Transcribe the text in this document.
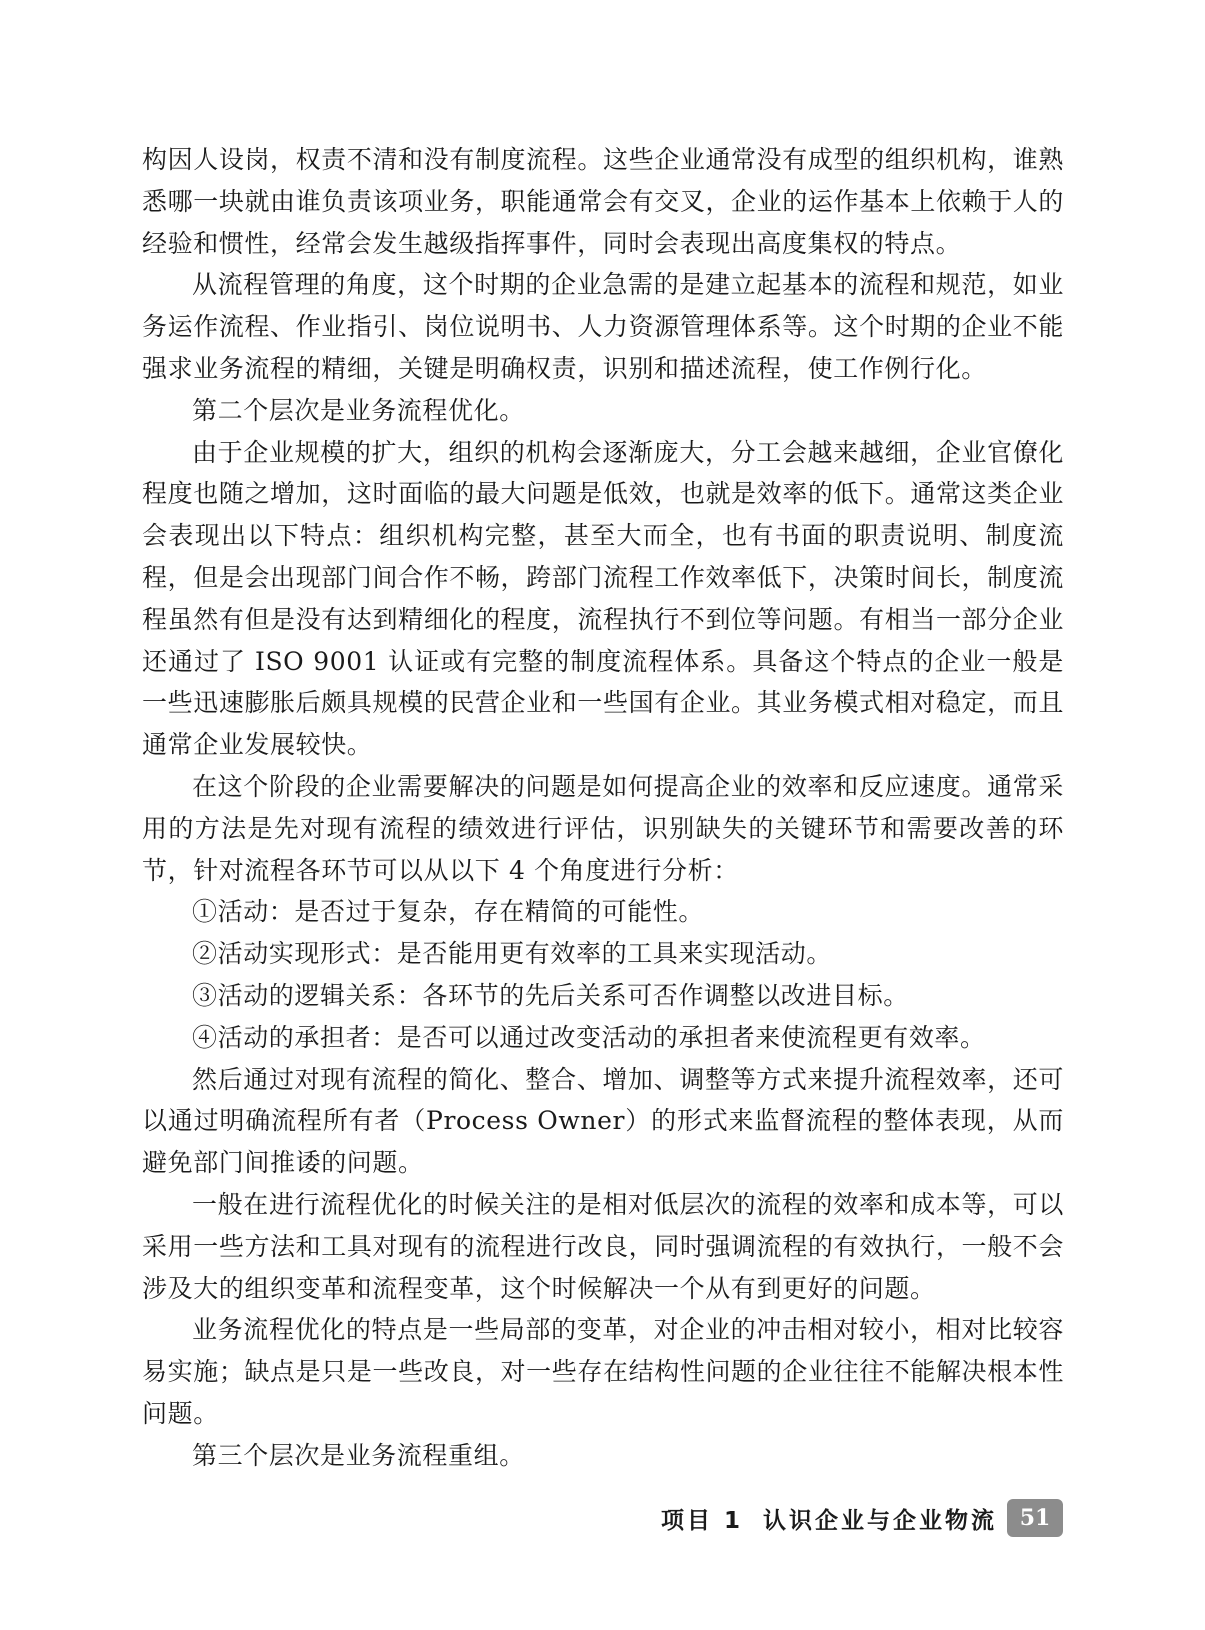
构因人设岗，权责不清和没有制度流程。这些企业通常没有成型的组织机构，谁熟悉哪一块就由谁负责该项业务，职能通常会有交叉，企业的运作基本上依赖于人的经验和惯性，经常会发生越级指挥事件，同时会表现出高度集权的特点。

从流程管理的角度，这个时期的企业急需的是建立起基本的流程和规范，如业务运作流程、作业指引、岗位说明书、人力资源管理体系等。这个时期的企业不能强求业务流程的精细，关键是明确权责，识别和描述流程，使工作例行化。

第二个层次是业务流程优化。

由于企业规模的扩大，组织的机构会逐渐庞大，分工会越来越细，企业官僚化程度也随之增加，这时面临的最大问题是低效，也就是效率的低下。通常这类企业会表现出以下特点：组织机构完整，甚至大而全，也有书面的职责说明、制度流程，但是会出现部门间合作不畅，跨部门流程工作效率低下，决策时间长，制度流程虽然有但是没有达到精细化的程度，流程执行不到位等问题。有相当一部分企业还通过了 ISO 9001 认证或有完整的制度流程体系。具备这个特点的企业一般是一些迅速膨胀后颇具规模的民营企业和一些国有企业。其业务模式相对稳定，而且通常企业发展较快。

在这个阶段的企业需要解决的问题是如何提高企业的效率和反应速度。通常采用的方法是先对现有流程的绩效进行评估，识别缺失的关键环节和需要改善的环节，针对流程各环节可以从以下 4 个角度进行分析：

①活动：是否过于复杂，存在精简的可能性。

②活动实现形式：是否能用更有效率的工具来实现活动。

③活动的逻辑关系：各环节的先后关系可否作调整以改进目标。

④活动的承担者：是否可以通过改变活动的承担者来使流程更有效率。

然后通过对现有流程的简化、整合、增加、调整等方式来提升流程效率，还可以通过明确流程所有者（Process Owner）的形式来监督流程的整体表现，从而避免部门间推诿的问题。

一般在进行流程优化的时候关注的是相对低层次的流程的效率和成本等，可以采用一些方法和工具对现有的流程进行改良，同时强调流程的有效执行，一般不会涉及大的组织变革和流程变革，这个时候解决一个从有到更好的问题。

业务流程优化的特点是一些局部的变革，对企业的冲击相对较小，相对比较容易实施；缺点是只是一些改良，对一些存在结构性问题的企业往往不能解决根本性问题。

第三个层次是业务流程重组。

项目 1 认识企业与企业物流	51
